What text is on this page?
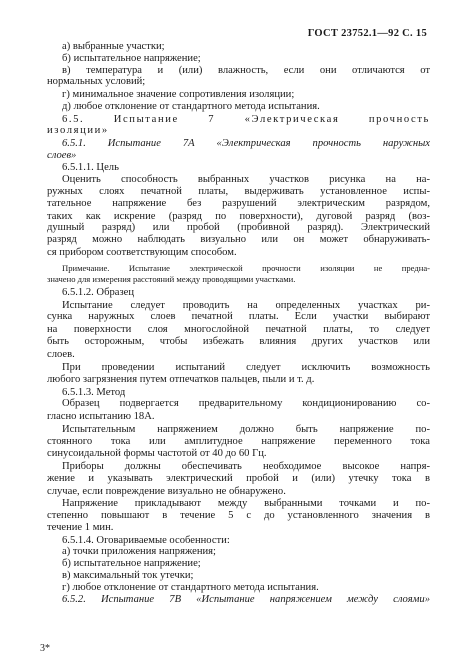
ГОСТ 23752.1—92 С. 15
а) выбранные участки;
б) испытательное напряжение;
в) температура и (или) влажность, если они отличаются от
нормальных условий;
г) минимальное значение сопротивления изоляции;
д) любое отклонение от стандартного метода испытания.
6.5. Испытание 7 «Электрическая прочность
изоляции»
6.5.1. Испытание 7А «Электрическая прочность наружных
слоев»
6.5.1.1. Цель
Оценить способность выбранных участков рисунка на на-
ружных слоях печатной платы, выдерживать установленное испы-
тательное напряжение без разрушений электрическим разрядом,
таких как искрение (разряд по поверхности), дуговой разряд (воз-
душный разряд) или пробой (пробивной разряд). Электрический
разряд можно наблюдать визуально или он может обнаруживать-
ся прибором соответствующим способом.
Примечание. Испытание электрической прочности изоляции не предна-
значено для измерения расстояний между проводящими участками.
6.5.1.2. Образец
Испытание следует проводить на определенных участках ри-
сунка наружных слоев печатной платы. Если участки выбирают
на поверхности слоя многослойной печатной платы, то следует
быть осторожным, чтобы избежать влияния других участков или
слоев.
При проведении испытаний следует исключить возможность
любого загрязнения путем отпечатков пальцев, пыли и т. д.
6.5.1.3. Метод
Образец подвергается предварительному кондиционированию со-
гласно испытанию 18А.
Испытательным напряжением должно быть напряжение по-
стоянного тока или амплитудное напряжение переменного тока
синусоидальной формы частотой от 40 до 60 Гц.
Приборы должны обеспечивать необходимое высокое напря-
жение и указывать электрический пробой и (или) утечку тока в
случае, если повреждение визуально не обнаружено.
Напряжение прикладывают между выбранными точками и по-
степенно повышают в течение 5 с до установленного значения в
течение 1 мин.
6.5.1.4. Оговариваемые особенности:
а) точки приложения напряжения;
б) испытательное напряжение;
в) максимальный ток утечки;
г) любое отклонение от стандартного метода испытания.
6.5.2. Испытание 7В «Испытание напряжением между слоями»
3*
